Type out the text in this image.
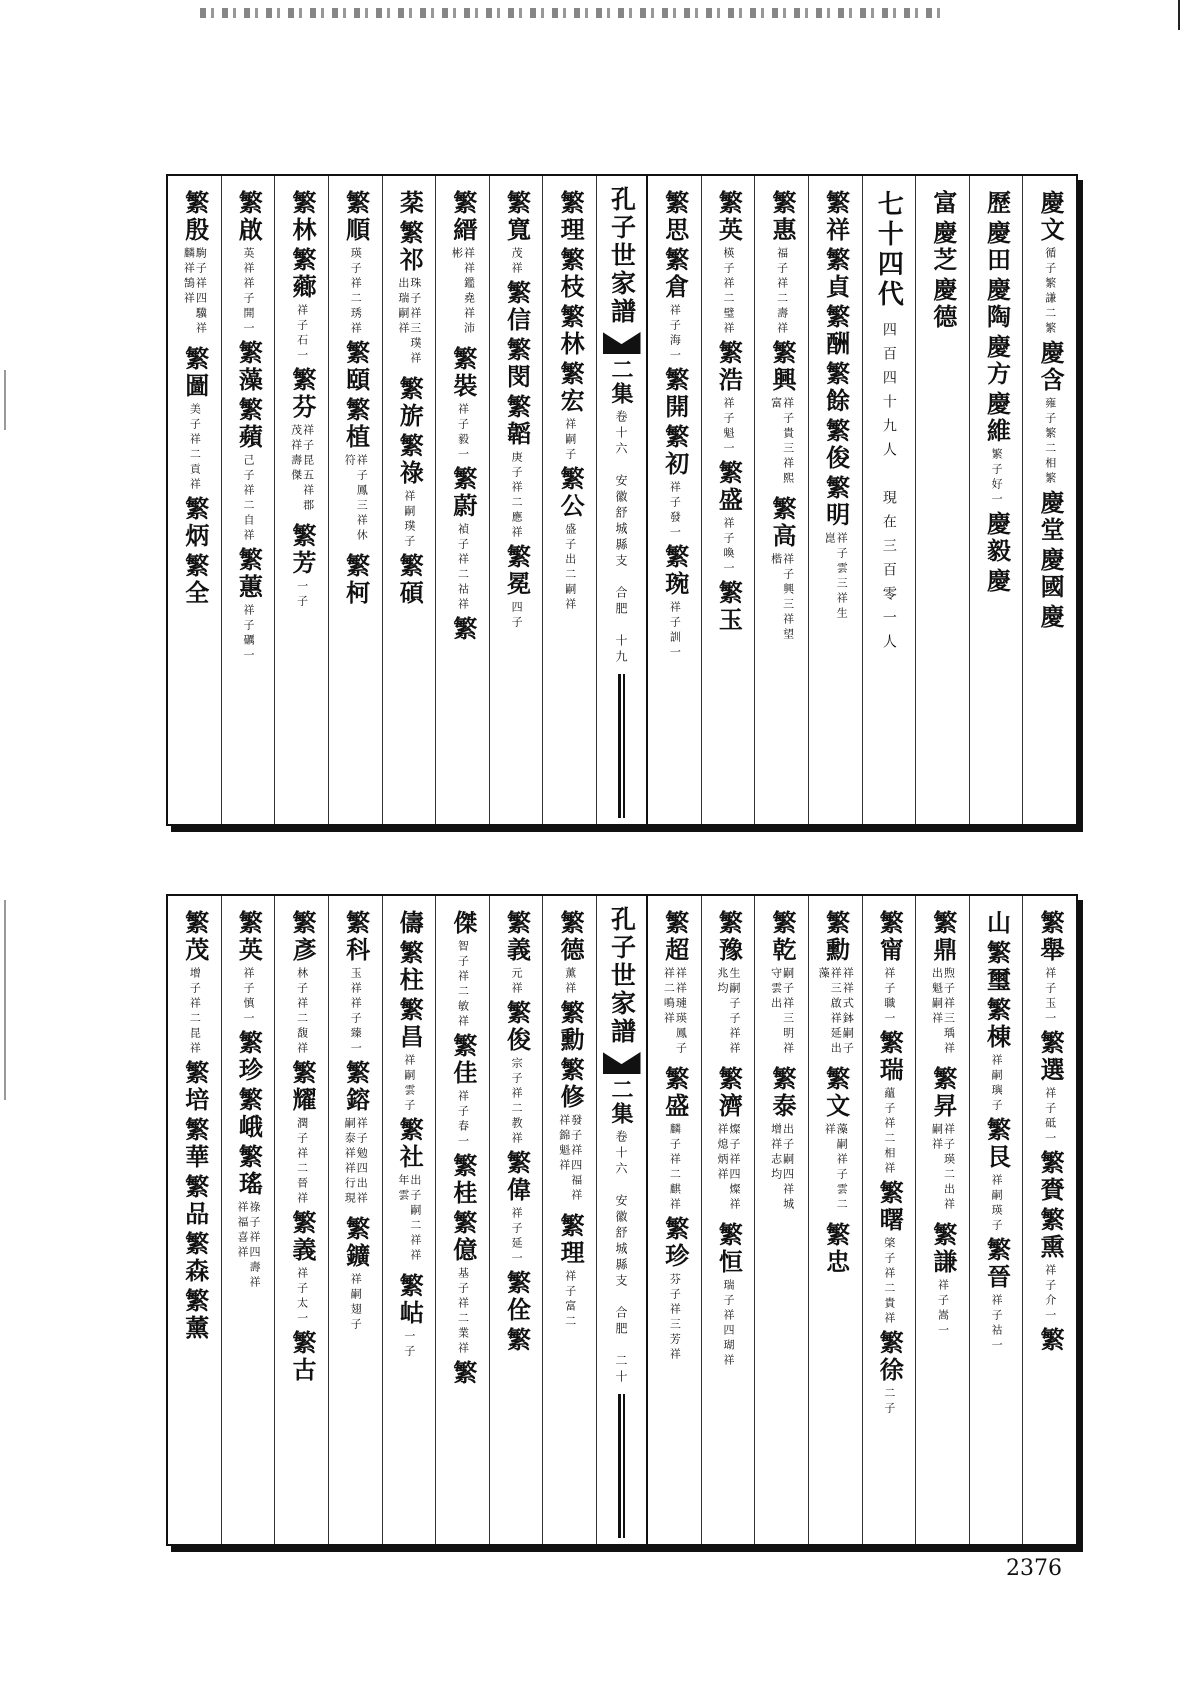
慶文
循子繁謙二繁
慶含
雍子繁二相繁
慶堂
慶國
慶
歷
慶田
慶陶
慶方
慶維
繁子好一
慶毅
慶
富
慶芝
慶德
七十四代
四百四十九人　現在三百零一人
繁祥
繁貞
繁酬
繁餘
繁俊
繁明
祥子雲三祥生崑
繁惠
福子祥二壽祥
繁興
祥子貴三祥熙富
繁高
祥子興三祥望楷
繁英
楧子祥二璧祥
繁浩
祥子魁一
繁盛
祥子喚一
繁玉
繁思
繁倉
祥子海一
繁開
繁初
祥子發一
繁琬
祥子訓一
孔子世家譜
二集
卷十六　安徽舒城縣支　合肥　十九
繁理
繁枝
繁林
繁宏
祥嗣子
繁公
盛子出二嗣祥
繁寬
茂祥
繁信
繁閔
繁韜
庚子祥二應祥
繁冕
四子
繁縉
祥祥鑑堯祥沛彬
繁裝
祥子毅一
繁蔚
禎子祥二祜祥
繁
棻
繁祁
珠子祥三璞祥出瑞嗣祥
繁旂
繁祿
祥嗣璞子
繁碩
繁順
瑛子祥二琇祥
繁頤
繁植
祥子鳳三祥休符
繁柯
繁林
繁薌
祥子石一
繁芬
祥子昆五祥郡茂祥壽傑
繁芳
一子
繁啟
英祥祥子開一
繁藻
繁蘋
己子祥二自祥
繁蕙
祥子礪一
繁殷
駒子祥四驥祥麟祥鵠祥
繁圖
美子祥二貢祥
繁炳
繁全
繁舉
祥子玉一
繁選
祥子砥一
繁賚
繁熏
祥子介一
繁
山
繁璽
繁棟
祥嗣璵子
繁艮
祥嗣瑛子
繁晉
祥子祜一
繁鼎
煦子祥三瑀祥出魁嗣祥
繁昇
祥子瑛二出祥嗣祥
繁謙
祥子嵩一
繁甯
祥子職一
繁瑞
蘊子祥二相祥
繁曙
棨子祥二貴祥
繁徐
二子
繁勳
祥祥式鉢嗣子祥三啟祥延出藻
繁文
藻嗣祥子雲二祥
繁忠
繁乾
嗣子祥三明祥守雲出
繁泰
出子嗣四祥城增祥志均
繁豫
生嗣子子祥祥兆均
繁濟
燦子祥四燦祥祥熄炳祥
繁恒
瑞子祥四瑚祥
繁超
祥祥璉瑛鳳子祥二鳴祥
繁盛
麟子祥二麒祥
繁珍
芬子祥三芳祥
孔子世家譜
二集
卷十六　安徽舒城縣支　合肥　二十
繁德
薰祥
繁勳
繁修
發子祥四福祥祥錦魁祥
繁理
祥子富二
繁義
元祥
繁俊
宗子祥二教祥
繁偉
祥子延一
繁佺
繁
傑
智子祥二敏祥
繁佳
祥子春一
繁桂
繁億
基子祥二業祥
繁
儔
繁柱
繁昌
祥嗣雲子
繁社
出子嗣二祥祥年雲
繁岵
一子
繁科
玉祥祥子臻一
繁鎔
祥子勉四出祥嗣泰祥祥行現
繁鑛
祥嗣翅子
繁彥
林子祥二馥祥
繁耀
潤子祥二晉祥
繁義
祥子太一
繁古
繁英
祥子慎一
繁珍
繁峨
繁瑤
祿子祥四壽祥祥福喜祥
繁茂
增子祥二昆祥
繁培
繁華
繁品
繁森
繁薰
2376
